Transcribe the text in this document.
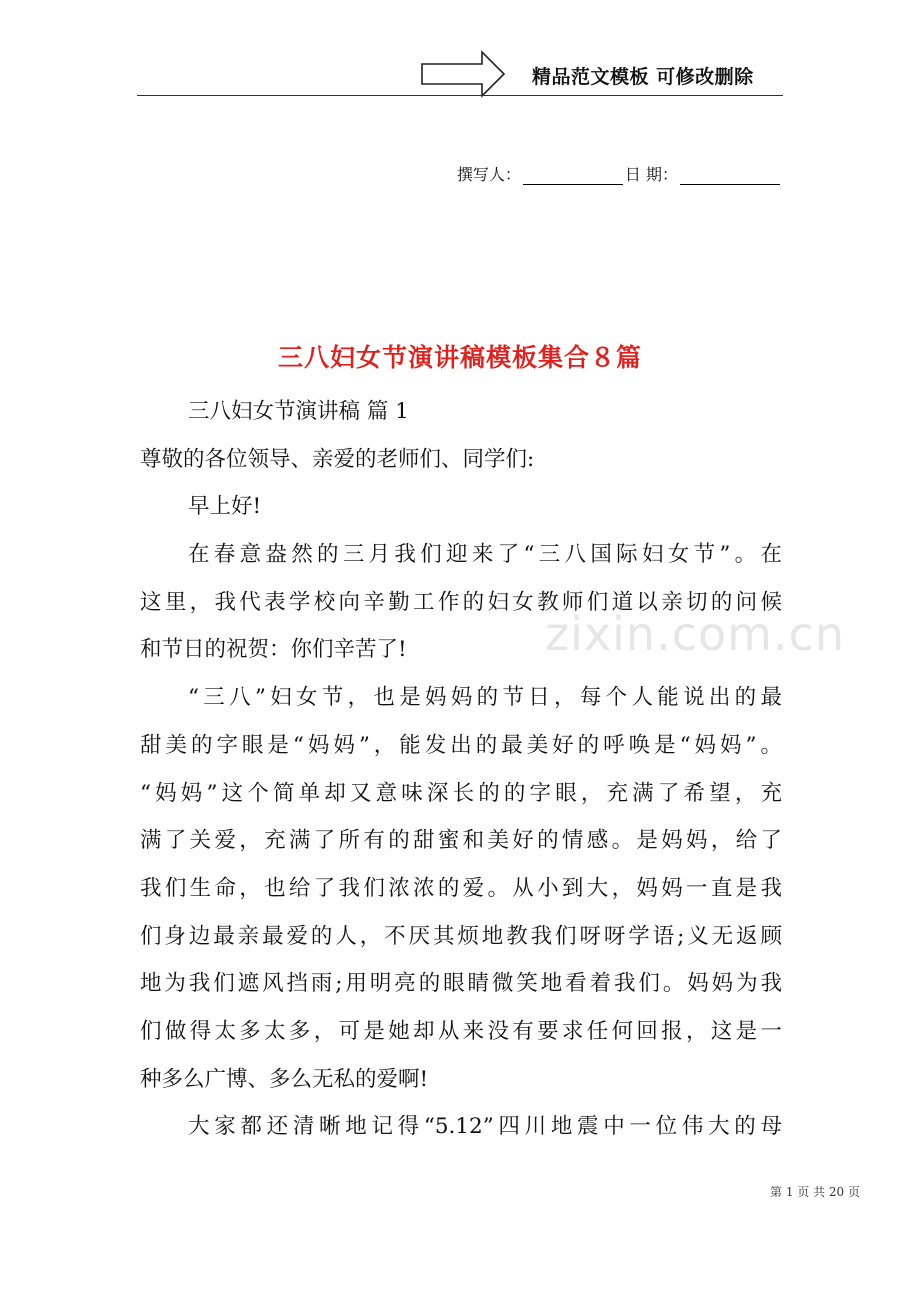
精品范文模板 可修改删除
撰写人：	日 期：
三八妇女节演讲稿模板集合８篇
zixin.com.cn
三八妇女节演讲稿 篇 1
尊敬的各位领导、亲爱的老师们、同学们:
早上好!
在春意盎然的三月我们迎来了“三八国际妇女节”。在
这里，我代表学校向辛勤工作的妇女教师们道以亲切的问候
和节日的祝贺：你们辛苦了!
“三八”妇女节，也是妈妈的节日，每个人能说出的最
甜美的字眼是“妈妈”，能发出的最美好的呼唤是“妈妈”。
“妈妈”这个简单却又意味深长的的字眼，充满了希望，充
满了关爱，充满了所有的甜蜜和美好的情感。是妈妈，给了
我们生命，也给了我们浓浓的爱。从小到大，妈妈一直是我
们身边最亲最爱的人，不厌其烦地教我们呀呀学语;义无返顾
地为我们遮风挡雨;用明亮的眼睛微笑地看着我们。妈妈为我
们做得太多太多，可是她却从来没有要求任何回报，这是一
种多么广博、多么无私的爱啊!
大家都还清晰地记得“5.12”四川地震中一位伟大的母
第 1 页 共 20 页
